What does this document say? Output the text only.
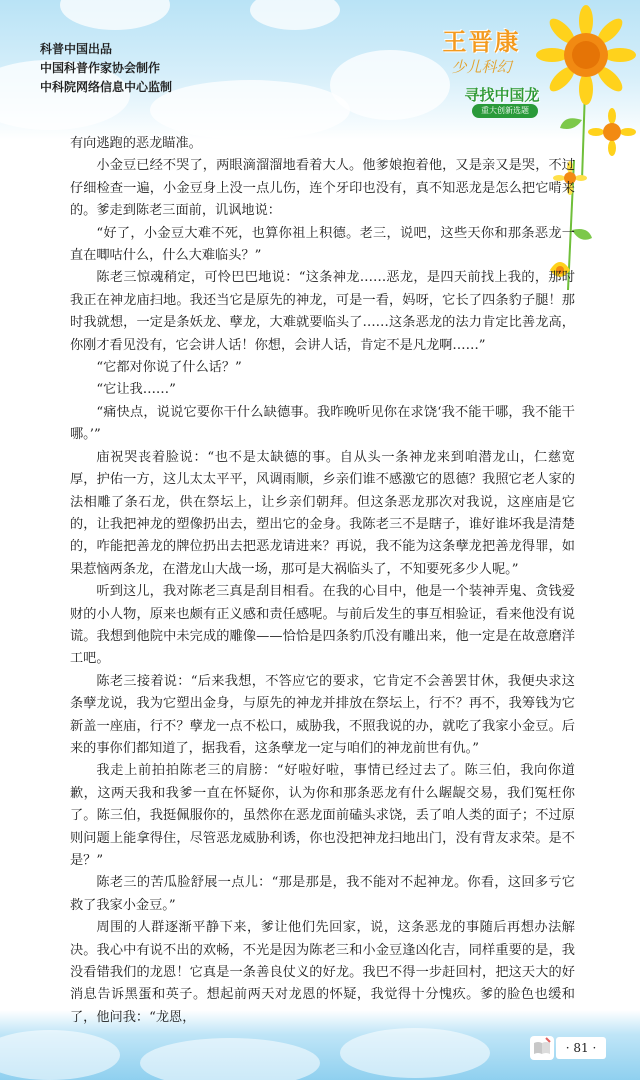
科普中国出品
中国科普作家协会制作
中科院网络信息中心监制
王晋康
少儿科幻
寻找中国龙
重大创新选题

有向逃跑的恶龙瞄准。

小金豆已经不哭了，两眼滴溜溜地看着大人。他爹娘抱着他，又是亲又是哭，不过仔细检查一遍，小金豆身上没一点儿伤，连个牙印也没有，真不知恶龙是怎么把它啃来的。爹走到陈老三面前，讥讽地说：

“好了，小金豆大难不死，也算你祖上积德。老三，说吧，这些天你和那条恶龙一直在唧咕什么，什么大难临头？”

陈老三惊魂稍定，可怜巴巴地说：“这条神龙……恶龙，是四天前找上我的，那时我正在神龙庙扫地。我还当它是原先的神龙，可是一看，妈呀，它长了四条豹子腿！那时我就想，一定是条妖龙、孽龙，大难就要临头了……这条恶龙的法力肯定比善龙高，你刚才看见没有，它会讲人话！你想，会讲人话，肯定不是凡龙啊……”

“它都对你说了什么话？”

“它让我……”

“痛快点，说说它要你干什么缺德事。我昨晚听见你在求饶‘我不能干哪，我不能干哪。’”

庙祝哭丧着脸说：“也不是太缺德的事。自从头一条神龙来到咱潜龙山，仁慈宽厚，护佑一方，这儿太太平平，风调雨顺，乡亲们谁不感激它的恩德？我照它老人家的法相雕了条石龙，供在祭坛上，让乡亲们朝拜。但这条恶龙那次对我说，这座庙是它的，让我把神龙的塑像扔出去，塑出它的金身。我陈老三不是瞎子，谁好谁坏我是清楚的，咋能把善龙的牌位扔出去把恶龙请进来？再说，我不能为这条孽龙把善龙得罪，如果惹恼两条龙，在潜龙山大战一场，那可是大祸临头了，不知要死多少人呢。”

听到这儿，我对陈老三真是刮目相看。在我的心目中，他是一个装神弄鬼、贪钱爱财的小人物，原来也颇有正义感和责任感呢。与前后发生的事互相验证，看来他没有说谎。我想到他院中未完成的雕像——恰恰是四条豹爪没有雕出来，他一定是在故意磨洋工吧。

陈老三接着说：“后来我想，不答应它的要求，它肯定不会善罢甘休，我便央求这条孽龙说，我为它塑出金身，与原先的神龙并排放在祭坛上，行不？再不，我筹钱为它新盖一座庙，行不？孽龙一点不松口，威胁我，不照我说的办，就吃了我家小金豆。后来的事你们都知道了，据我看，这条孽龙一定与咱们的神龙前世有仇。”

我走上前拍拍陈老三的肩膀：“好啦好啦，事情已经过去了。陈三伯，我向你道歉，这两天我和我爹一直在怀疑你，认为你和那条恶龙有什么龌龊交易，我们冤枉你了。陈三伯，我挺佩服你的，虽然你在恶龙面前磕头求饶，丢了咱人类的面子；不过原则问题上能拿得住，尽管恶龙威胁利诱，你也没把神龙扫地出门，没有背友求荣。是不是？”

陈老三的苦瓜脸舒展一点儿：“那是那是，我不能对不起神龙。你看，这回多亏它救了我家小金豆。”

周围的人群逐渐平静下来，爹让他们先回家，说，这条恶龙的事随后再想办法解决。我心中有说不出的欢畅，不光是因为陈老三和小金豆逢凶化吉，同样重要的是，我没看错我们的龙恩！它真是一条善良仗义的好龙。我巴不得一步赶回村，把这天大的好消息告诉黑蛋和英子。想起前两天对龙恩的怀疑，我觉得十分愧疚。爹的脸色也缓和了，他问我：“龙恩，

· 81 ·
